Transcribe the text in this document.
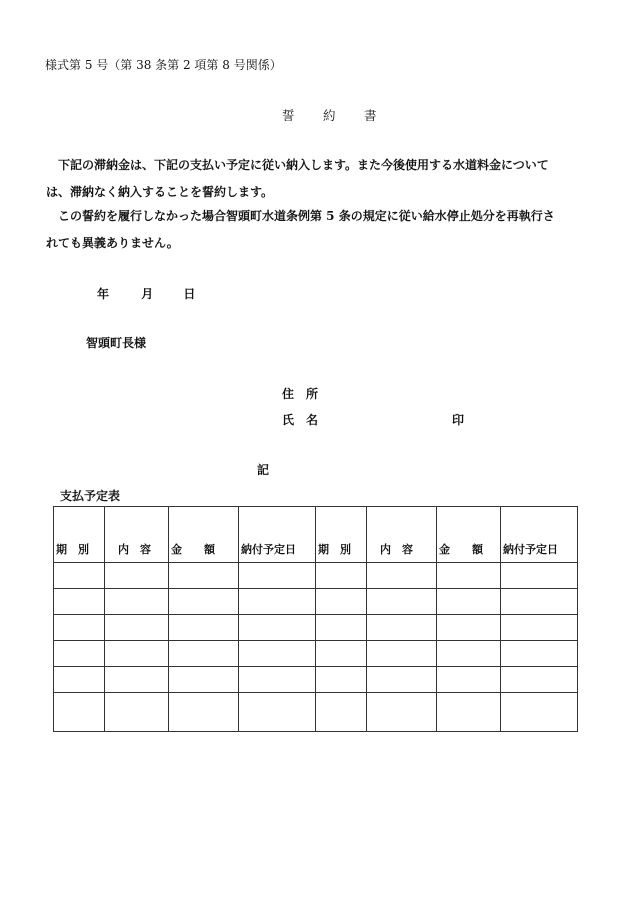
様式第 5 号（第 38 条第 2 項第 8 号関係）
誓　約　書
　下記の滞納金は、下記の支払い予定に従い納入します。また今後使用する水道料金について
は、滞納なく納入することを誓約します。
　この誓約を履行しなかった場合智頭町水道条例第 5 条の規定に従い給水停止処分を再執行さ
れても異義ありません。
年	月	日
智頭町長様
住　所
氏　名	印
記
支払予定表
期　別	　内　容	金　　額	納付予定日	期　別	　内　容	金　　額	納付予定日
